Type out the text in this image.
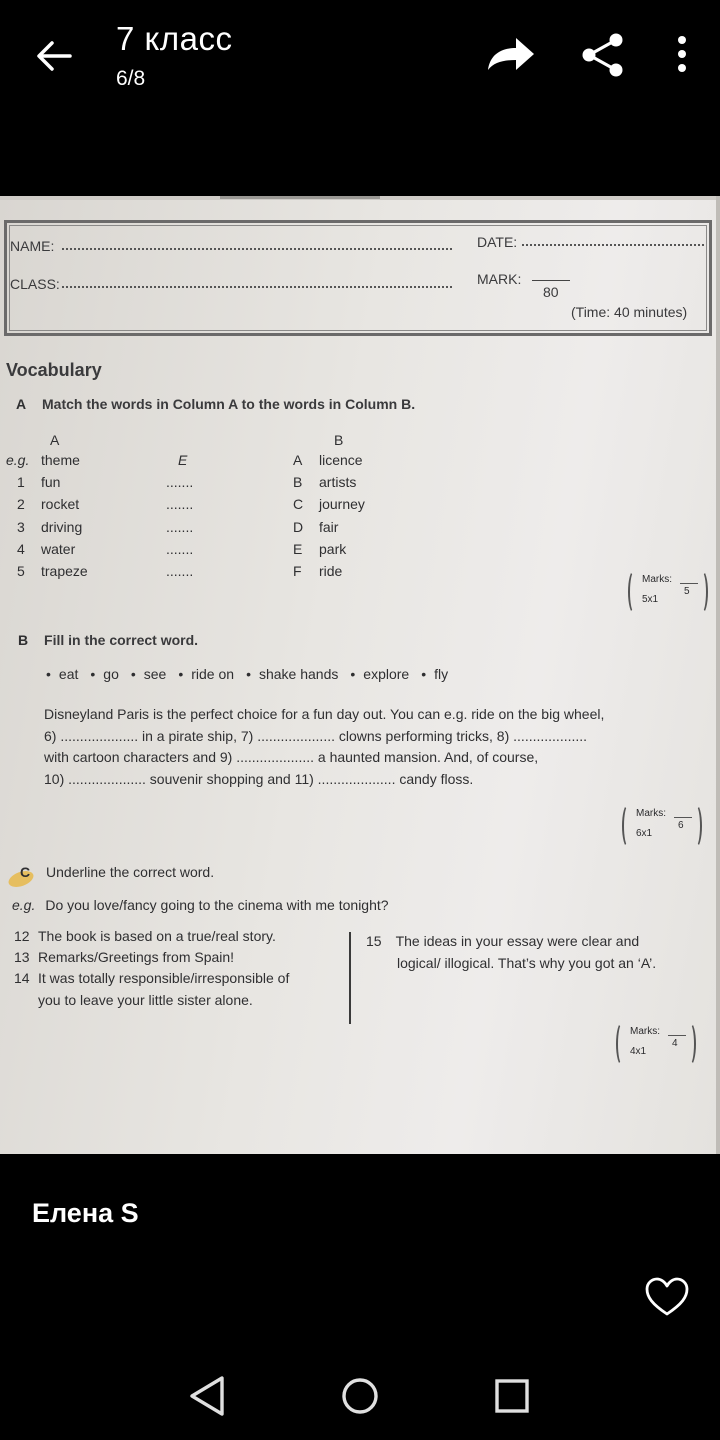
7 класс
6/8
NAME:	DATE:
CLASS:	MARK:
80
(Time: 40 minutes)
Vocabulary
A Match the words in Column A to the words in Column B.
A	B
e.g. theme	E	A licence
1 fun	.......	B artists
2 rocket	.......	C journey
3 driving	.......	D fair
4 water	.......	E park
5 trapeze	.......	F ride
Marks:
5x1
5
B Fill in the correct word.
• eat • go • see • ride on • shake hands • explore • fly

Disneyland Paris is the perfect choice for a fun day out. You can e.g. ride on the big wheel,

6) .................... in a pirate ship, 7) .................... clowns performing tricks, 8) ...................

with cartoon characters and 9) .................... a haunted mansion. And, of course,

10) .................... souvenir shopping and 11) .................... candy floss.

Marks:
6x1
6
C Underline the correct word.
e.g. Do you love/fancy going to the cinema with me tonight?
12 The book is based on a true/real story.
13 Remarks/Greetings from Spain!
14 It was totally responsible/irresponsible of
you to leave your little sister alone.
15 The ideas in your essay were clear and
logical/ illogical. That’s why you got an ‘A’.
Marks:
4x1
4
Елена S
